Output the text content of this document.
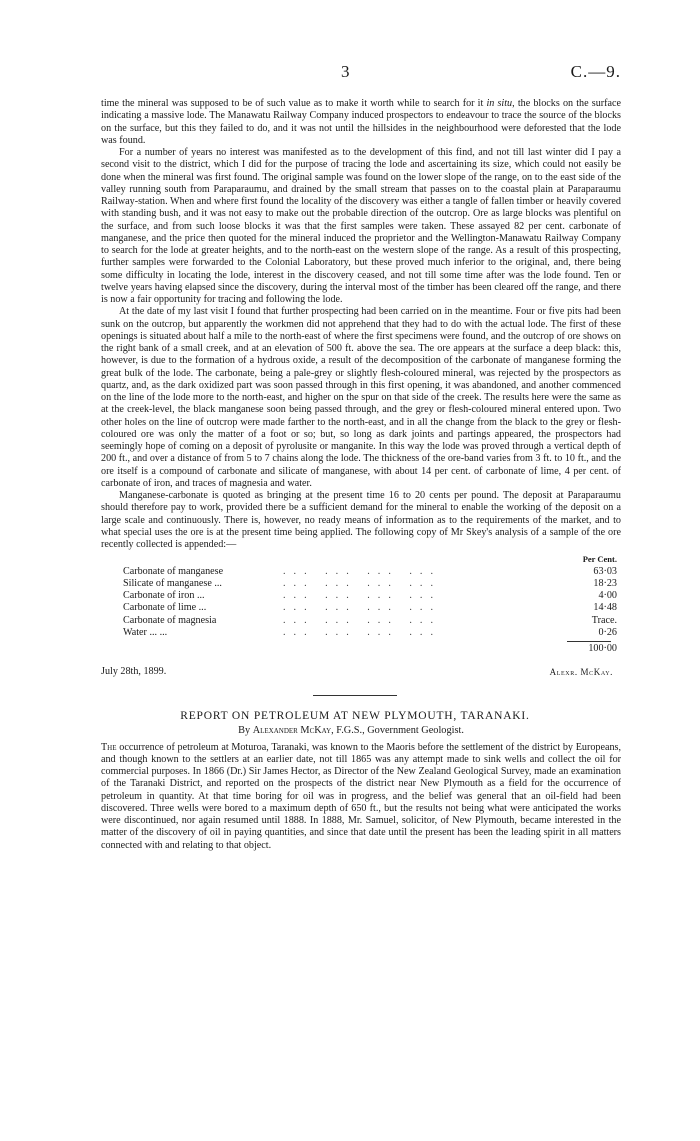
3	C.—9.

time the mineral was supposed to be of such value as to make it worth while to search for it in situ, the blocks on the surface indicating a massive lode. The Manawatu Railway Company induced prospectors to endeavour to trace the source of the blocks on the surface, but this they failed to do, and it was not until the hillsides in the neighbourhood were deforested that the lode was found.

For a number of years no interest was manifested as to the development of this find, and not till last winter did I pay a second visit to the district, which I did for the purpose of tracing the lode and ascertaining its size, which could not easily be done when the mineral was first found. The original sample was found on the lower slope of the range, on to the east side of the valley running south from Paraparaumu, and drained by the small stream that passes on to the coastal plain at Paraparaumu Railway-station. When and where first found the locality of the discovery was either a tangle of fallen timber or heavily covered with standing bush, and it was not easy to make out the probable direction of the outcrop. Ore as large blocks was plentiful on the surface, and from such loose blocks it was that the first samples were taken. These assayed 82 per cent. carbonate of manganese, and the price then quoted for the mineral induced the proprietor and the Wellington-Manawatu Railway Company to search for the lode at greater heights, and to the north-east on the western slope of the range. As a result of this prospecting, further samples were forwarded to the Colonial Laboratory, but these proved much inferior to the original, and, there being some difficulty in locating the lode, interest in the discovery ceased, and not till some time after was the lode found. Ten or twelve years having elapsed since the discovery, during the interval most of the timber has been cleared off the range, and there is now a fair opportunity for tracing and following the lode.

At the date of my last visit I found that further prospecting had been carried on in the meantime. Four or five pits had been sunk on the outcrop, but apparently the workmen did not apprehend that they had to do with the actual lode. The first of these openings is situated about half a mile to the north-east of where the first specimens were found, and the outcrop of ore shows on the right bank of a small creek, and at an elevation of 500 ft. above the sea. The ore appears at the surface a deep black: this, however, is due to the formation of a hydrous oxide, a result of the decomposition of the carbonate of manganese forming the great bulk of the lode. The carbonate, being a pale-grey or slightly flesh-coloured mineral, was rejected by the prospectors as quartz, and, as the dark oxidized part was soon passed through in this first opening, it was abandoned, and another commenced on the line of the lode more to the north-east, and higher on the spur on that side of the creek. The results here were the same as at the creek-level, the black manganese soon being passed through, and the grey or flesh-coloured mineral entered upon. Two other holes on the line of outcrop were made farther to the north-east, and in all the change from the black to the grey or flesh-coloured ore was only the matter of a foot or so; but, so long as dark joints and partings appeared, the prospectors had seemingly hope of coming on a deposit of pyrolusite or manganite. In this way the lode was proved through a vertical depth of 200 ft., and over a distance of from 5 to 7 chains along the lode. The thickness of the ore-band varies from 3 ft. to 10 ft., and the ore itself is a compound of carbonate and silicate of manganese, with about 14 per cent. of carbonate of lime, 4 per cent. of carbonate of iron, and traces of magnesia and water.

Manganese-carbonate is quoted as bringing at the present time 16 to 20 cents per pound. The deposit at Paraparaumu should therefore pay to work, provided there be a sufficient demand for the mineral to enable the working of the deposit on a large scale and continuously. There is, however, no ready means of information as to the requirements of the market, and to what special uses the ore is at the present time being applied. The following copy of Mr Skey's analysis of a sample of the ore recently collected is appended:—

Per Cent.
Carbonate of manganese	... ... ... ...	63·03
Silicate of manganese ...	... ... ... ...	18·23
Carbonate of iron ...	... ... ... ...	4·00
Carbonate of lime ...	... ... ... ...	14·48
Carbonate of magnesia	... ... ... ...	Trace.
Water ... ...	... ... ... ...	0·26
100·00
July 28th, 1899.	Alexr. McKay.
REPORT ON PETROLEUM AT NEW PLYMOUTH, TARANAKI.
By Alexander McKay, F.G.S., Government Geologist.

The occurrence of petroleum at Moturoa, Taranaki, was known to the Maoris before the settlement of the district by Europeans, and though known to the settlers at an earlier date, not till 1865 was any attempt made to sink wells and collect the oil for commercial purposes. In 1866 (Dr.) Sir James Hector, as Director of the New Zealand Geological Survey, made an examination of the Taranaki District, and reported on the prospects of the district near New Plymouth as a field for the occurrence of petroleum in quantity. At that time boring for oil was in progress, and the belief was general that an oil-field had been discovered. Three wells were bored to a maximum depth of 650 ft., but the results not being what were anticipated the works were discontinued, nor again resumed until 1888. In 1888, Mr. Samuel, solicitor, of New Plymouth, became interested in the matter of the discovery of oil in paying quantities, and since that date until the present has been the leading spirit in all matters connected with and relating to that object.
